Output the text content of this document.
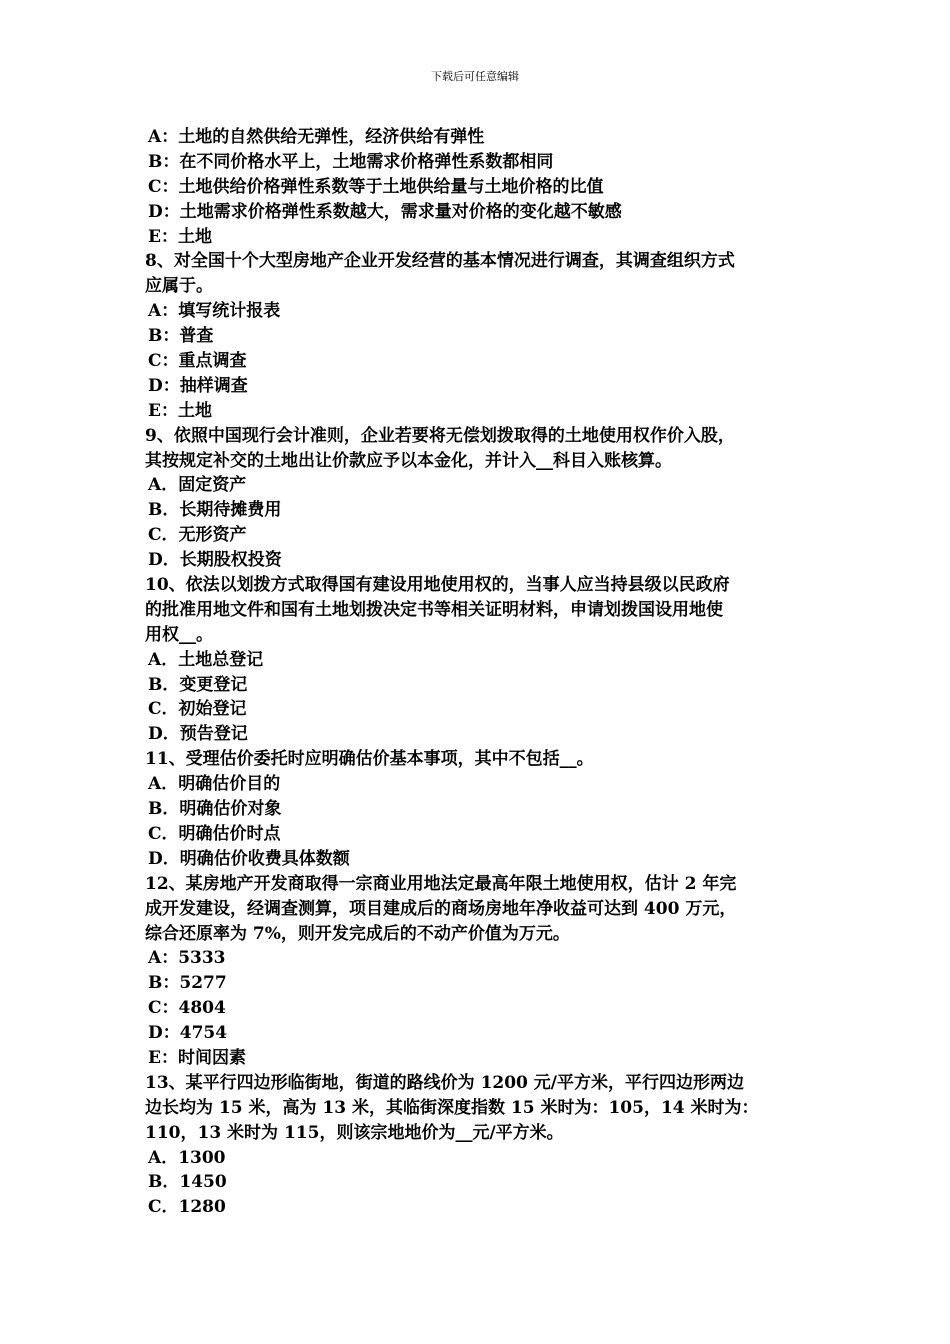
下载后可任意编辑
A：土地的自然供给无弹性，经济供给有弹性
B：在不同价格水平上，土地需求价格弹性系数都相同
C：土地供给价格弹性系数等于土地供给量与土地价格的比值
D：土地需求价格弹性系数越大，需求量对价格的变化越不敏感
E：土地
8、对全国十个大型房地产企业开发经营的基本情况进行调查，其调查组织方式
应属于。
A：填写统计报表
B：普查
C：重点调查
D：抽样调查
E：土地
9、依照中国现行会计准则，企业若要将无偿划拨取得的土地使用权作价入股，
其按规定补交的土地出让价款应予以本金化，并计入__科目入账核算。
A．固定资产
B．长期待摊费用
C．无形资产
D．长期股权投资
10、依法以划拨方式取得国有建设用地使用权的，当事人应当持县级以民政府
的批准用地文件和国有土地划拨决定书等相关证明材料，申请划拨国设用地使
用权__。
A．土地总登记
B．变更登记
C．初始登记
D．预告登记
11、受理估价委托时应明确估价基本事项，其中不包括__。
A．明确估价目的
B．明确估价对象
C．明确估价时点
D．明确估价收费具体数额
12、某房地产开发商取得一宗商业用地法定最高年限土地使用权，估计 2 年完
成开发建设，经调查测算，项目建成后的商场房地年净收益可达到 400 万元，
综合还原率为 7%，则开发完成后的不动产价值为万元。
A：5333
B：5277
C：4804
D：4754
E：时间因素
13、某平行四边形临街地，街道的路线价为 1200 元/平方米，平行四边形两边
边长均为 15 米，高为 13 米，其临街深度指数 15 米时为：105，14 米时为：
110，13 米时为 115，则该宗地地价为__元/平方米。
A．1300
B．1450
C．1280
